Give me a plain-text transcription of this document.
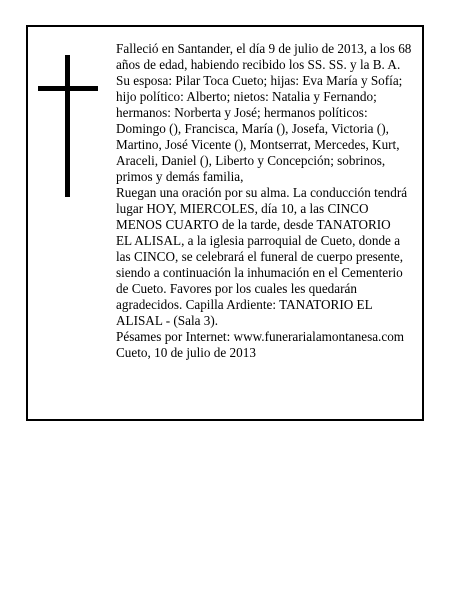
Falleció en Santander, el día 9 de julio de 2013, a los 68
años de edad, habiendo recibido los SS. SS. y la B. A.
Su esposa: Pilar Toca Cueto; hijas: Eva María y Sofía;
hijo político: Alberto; nietos: Natalia y Fernando;
hermanos: Norberta y José; hermanos políticos:
Domingo (), Francisca, María (), Josefa, Victoria (),
Martino, José Vicente (), Montserrat, Mercedes, Kurt,
Araceli, Daniel (), Liberto y Concepción; sobrinos,
primos y demás familia,
Ruegan una oración por su alma. La conducción tendrá
lugar HOY, MIERCOLES, día 10, a las CINCO
MENOS CUARTO de la tarde, desde TANATORIO
EL ALISAL, a la iglesia parroquial de Cueto, donde a
las CINCO, se celebrará el funeral de cuerpo presente,
siendo a continuación la inhumación en el Cementerio
de Cueto. Favores por los cuales les quedarán
agradecidos. Capilla Ardiente: TANATORIO EL
ALISAL - (Sala 3).
Pésames por Internet: www.funerarialamontanesa.com
Cueto, 10 de julio de 2013
